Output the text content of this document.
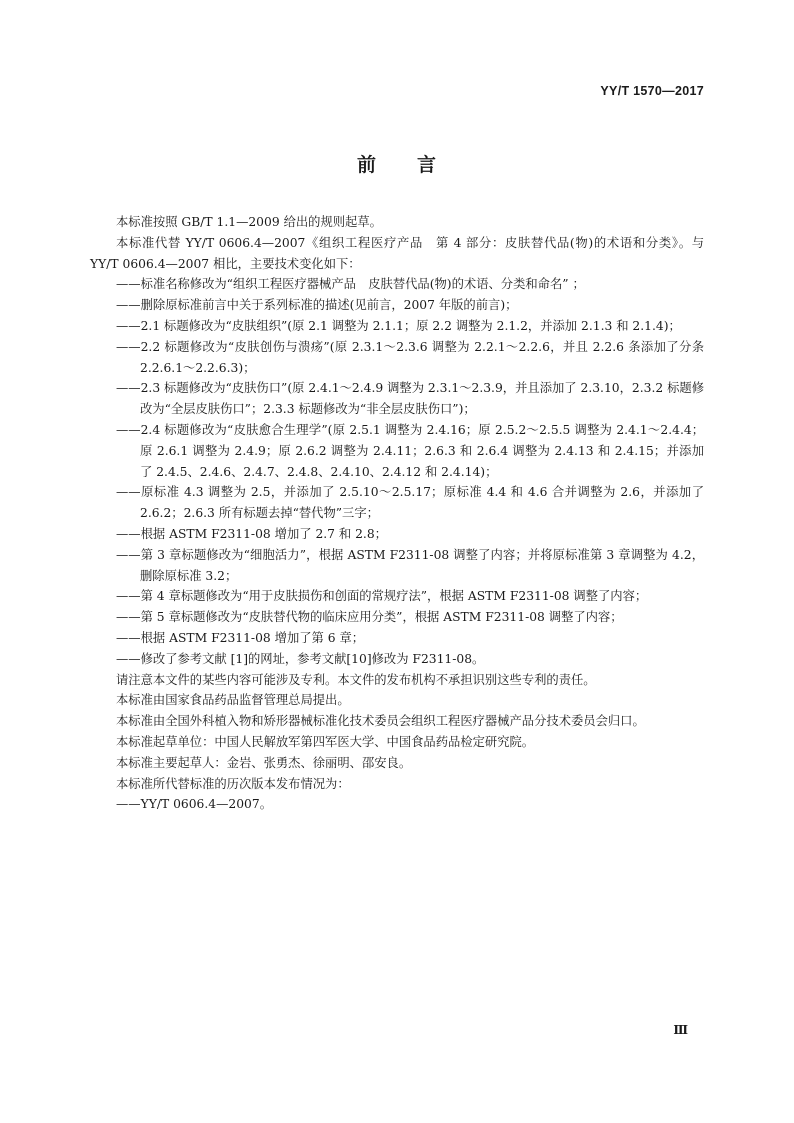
YY/T 1570—2017
前 言

本标准按照 GB/T 1.1—2009 给出的规则起草。

本标准代替 YY/T 0606.4—2007《组织工程医疗产品　第 4 部分：皮肤替代品(物)的术语和分类》。与 YY/T 0606.4—2007 相比，主要技术变化如下：

——标准名称修改为“组织工程医疗器械产品　皮肤替代品(物)的术语、分类和命名” ；

——删除原标准前言中关于系列标准的描述(见前言，2007 年版的前言)；

——2.1 标题修改为“皮肤组织”(原 2.1 调整为 2.1.1；原 2.2 调整为 2.1.2，并添加 2.1.3 和 2.1.4)；

——2.2 标题修改为“皮肤创伤与溃疡”(原 2.3.1～2.3.6 调整为 2.2.1～2.2.6，并且 2.2.6 条添加了分条 2.2.6.1～2.2.6.3)；

——2.3 标题修改为“皮肤伤口”(原 2.4.1～2.4.9 调整为 2.3.1～2.3.9，并且添加了 2.3.10，2.3.2 标题修改为“全层皮肤伤口”；2.3.3 标题修改为“非全层皮肤伤口”)；

——2.4 标题修改为“皮肤愈合生理学”(原 2.5.1 调整为 2.4.16；原 2.5.2～2.5.5 调整为 2.4.1～2.4.4；原 2.6.1 调整为 2.4.9；原 2.6.2 调整为 2.4.11；2.6.3 和 2.6.4 调整为 2.4.13 和 2.4.15；并添加了 2.4.5、2.4.6、2.4.7、2.4.8、2.4.10、2.4.12 和 2.4.14)；

——原标准 4.3 调整为 2.5，并添加了 2.5.10～2.5.17；原标准 4.4 和 4.6 合并调整为 2.6，并添加了 2.6.2；2.6.3 所有标题去掉“替代物”三字；

——根据 ASTM F2311-08 增加了 2.7 和 2.8；

——第 3 章标题修改为“细胞活力”，根据 ASTM F2311-08 调整了内容；并将原标准第 3 章调整为 4.2，删除原标准 3.2；

——第 4 章标题修改为“用于皮肤损伤和创面的常规疗法”，根据 ASTM F2311-08 调整了内容；

——第 5 章标题修改为“皮肤替代物的临床应用分类”，根据 ASTM F2311-08 调整了内容；

——根据 ASTM F2311-08 增加了第 6 章；

——修改了参考文献 [1]的网址，参考文献[10]修改为 F2311-08。

请注意本文件的某些内容可能涉及专利。本文件的发布机构不承担识别这些专利的责任。

本标准由国家食品药品监督管理总局提出。

本标准由全国外科植入物和矫形器械标准化技术委员会组织工程医疗器械产品分技术委员会归口。

本标准起草单位：中国人民解放军第四军医大学、中国食品药品检定研究院。

本标准主要起草人：金岩、张勇杰、徐丽明、邵安良。

本标准所代替标准的历次版本发布情况为：

——YY/T 0606.4—2007。

Ⅲ
